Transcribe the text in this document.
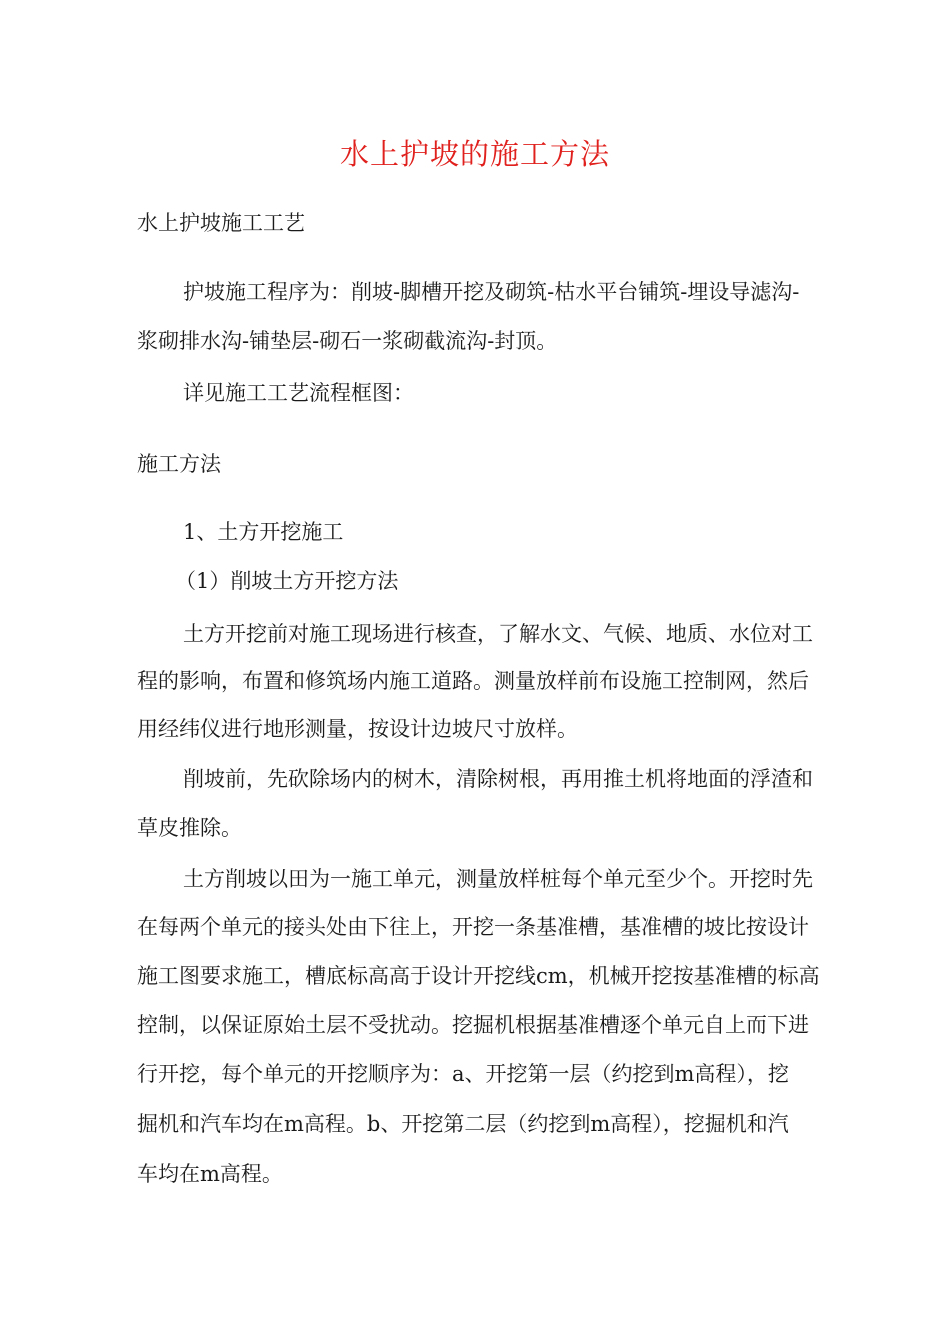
水上护坡的施工方法
水上护坡施工工艺
护坡施工程序为：削坡-脚槽开挖及砌筑-枯水平台铺筑-埋设导滤沟-
浆砌排水沟-铺垫层-砌石一浆砌截流沟-封顶。
详见施工工艺流程框图：
施工方法
1、土方开挖施工
（1）削坡土方开挖方法
土方开挖前对施工现场进行核查，了解水文、气候、地质、水位对工
程的影响，布置和修筑场内施工道路。测量放样前布设施工控制网，然后
用经纬仪进行地形测量，按设计边坡尺寸放样。
削坡前，先砍除场内的树木，清除树根，再用推土机将地面的浮渣和
草皮推除。
土方削坡以田为一施工单元，测量放样桩每个单元至少个。开挖时先
在每两个单元的接头处由下往上，开挖一条基准槽，基准槽的坡比按设计
施工图要求施工，槽底标高高于设计开挖线cm，机械开挖按基准槽的标高
控制，以保证原始土层不受扰动。挖掘机根据基准槽逐个单元自上而下进
行开挖，每个单元的开挖顺序为：a、开挖第一层（约挖到m高程），挖
掘机和汽车均在m高程。b、开挖第二层（约挖到m高程），挖掘机和汽
车均在m高程。
